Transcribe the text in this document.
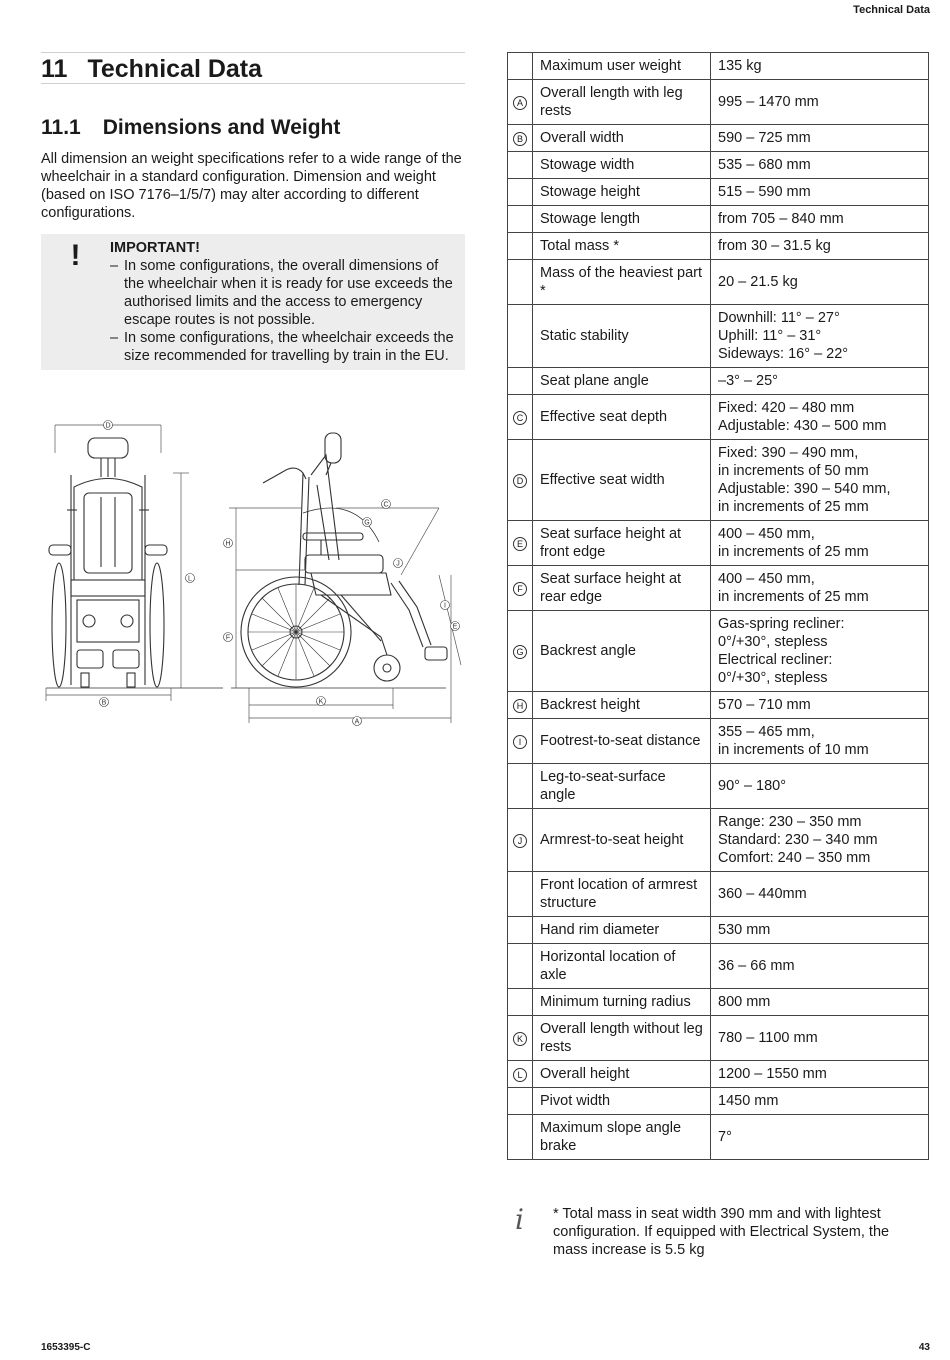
Technical Data
11 Technical Data
11.1 Dimensions and Weight
All dimension an weight specifications refer to a wide range of the wheelchair in a standard configuration. Dimension and weight (based on ISO 7176–1/5/7) may alter according to different configurations.
!	IMPORTANT!
– In some configurations, the overall dimensions of the wheelchair when it is ready for use exceeds the authorised limits and the access to emergency escape routes is not possible.
– In some configurations, the wheelchair exceeds the size recommended for travelling by train in the EU.
D
B
L
H
F
C
G
J
I
E
K
A
	Maximum user weight	135 kg

A	Overall length with leg rests	995 – 1470 mm

B	Overall width	590 – 725 mm

	Stowage width	535 – 680 mm

	Stowage height	515 – 590 mm

	Stowage length	from 705 – 840 mm

	Total mass *	from 30 – 31.5 kg

	Mass of the heaviest part *	20 – 21.5 kg

	Static stability	Downhill: 11° – 27°
Uphill: 11° – 31°
Sideways: 16° – 22°

	Seat plane angle	–3° – 25°

C	Effective seat depth	Fixed: 420 – 480 mm
Adjustable: 430 – 500 mm

D	Effective seat width	Fixed: 390 – 490 mm,
in increments of 50 mm
Adjustable: 390 – 540 mm,
in increments of 25 mm

E	Seat surface height at front edge	400 – 450 mm,
in increments of 25 mm

F	Seat surface height at rear edge	400 – 450 mm,
in increments of 25 mm

G	Backrest angle	Gas-spring recliner:
0°/+30°, stepless
Electrical recliner:
0°/+30°, stepless

H	Backrest height	570 – 710 mm

I	Footrest-to-seat distance	355 – 465 mm,
in increments of 10 mm

	Leg-to-seat-surface angle	90° – 180°

J	Armrest-to-seat height	Range: 230 – 350 mm
Standard: 230 – 340 mm
Comfort: 240 – 350 mm

	Front location of armrest structure	360 – 440mm

	Hand rim diameter	530 mm

	Horizontal location of axle	36 – 66 mm

	Minimum turning radius	800 mm

K	Overall length without leg rests	780 – 1100 mm

L	Overall height	1200 – 1550 mm

	Pivot width	1450 mm

	Maximum slope angle brake	7°
i	* Total mass in seat width 390 mm and with lightest configuration. If equipped with Electrical System, the mass increase is 5.5 kg
1653395-C	43
